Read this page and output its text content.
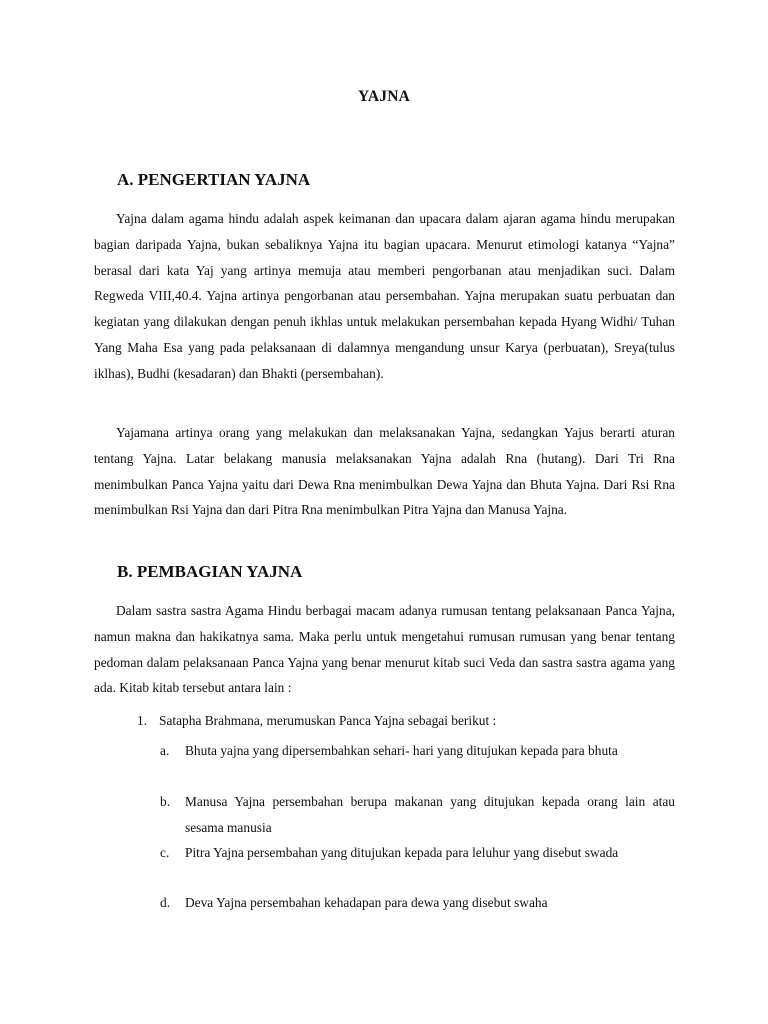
YAJNA
A. PENGERTIAN YAJNA

Yajna dalam agama hindu adalah aspek keimanan dan upacara dalam ajaran agama hindu merupakan bagian daripada Yajna, bukan sebaliknya Yajna itu bagian upacara. Menurut etimologi katanya “Yajna” berasal dari kata Yaj yang artinya memuja atau memberi pengorbanan atau menjadikan suci. Dalam Regweda VIII,40.4. Yajna artinya pengorbanan atau persembahan. Yajna merupakan suatu perbuatan dan kegiatan yang dilakukan dengan penuh ikhlas untuk melakukan persembahan kepada Hyang Widhi/ Tuhan Yang Maha Esa yang pada pelaksanaan di dalamnya mengandung unsur Karya (perbuatan), Sreya(tulus iklhas), Budhi (kesadaran) dan Bhakti (persembahan).

Yajamana artinya orang yang melakukan dan melaksanakan Yajna, sedangkan Yajus berarti aturan tentang Yajna. Latar belakang manusia melaksanakan Yajna adalah Rna (hutang). Dari Tri Rna menimbulkan Panca Yajna yaitu dari Dewa Rna menimbulkan Dewa Yajna dan Bhuta Yajna. Dari Rsi Rna menimbulkan Rsi Yajna dan dari Pitra Rna menimbulkan Pitra Yajna dan Manusa Yajna.

B. PEMBAGIAN YAJNA

Dalam sastra sastra Agama Hindu berbagai macam adanya rumusan tentang pelaksanaan Panca Yajna, namun makna dan hakikatnya sama. Maka perlu untuk mengetahui rumusan rumusan yang benar tentang pedoman dalam pelaksanaan Panca Yajna yang benar menurut kitab suci Veda dan sastra sastra agama yang ada. Kitab kitab tersebut antara lain :

1. Satapha Brahmana, merumuskan Panca Yajna sebagai berikut :
a. Bhuta yajna yang dipersembahkan sehari- hari yang ditujukan kepada para bhuta
b. Manusa Yajna persembahan berupa makanan yang ditujukan kepada orang lain atau sesama manusia
c. Pitra Yajna persembahan yang ditujukan kepada para leluhur yang disebut swada
d. Deva Yajna persembahan kehadapan para dewa yang disebut swaha
